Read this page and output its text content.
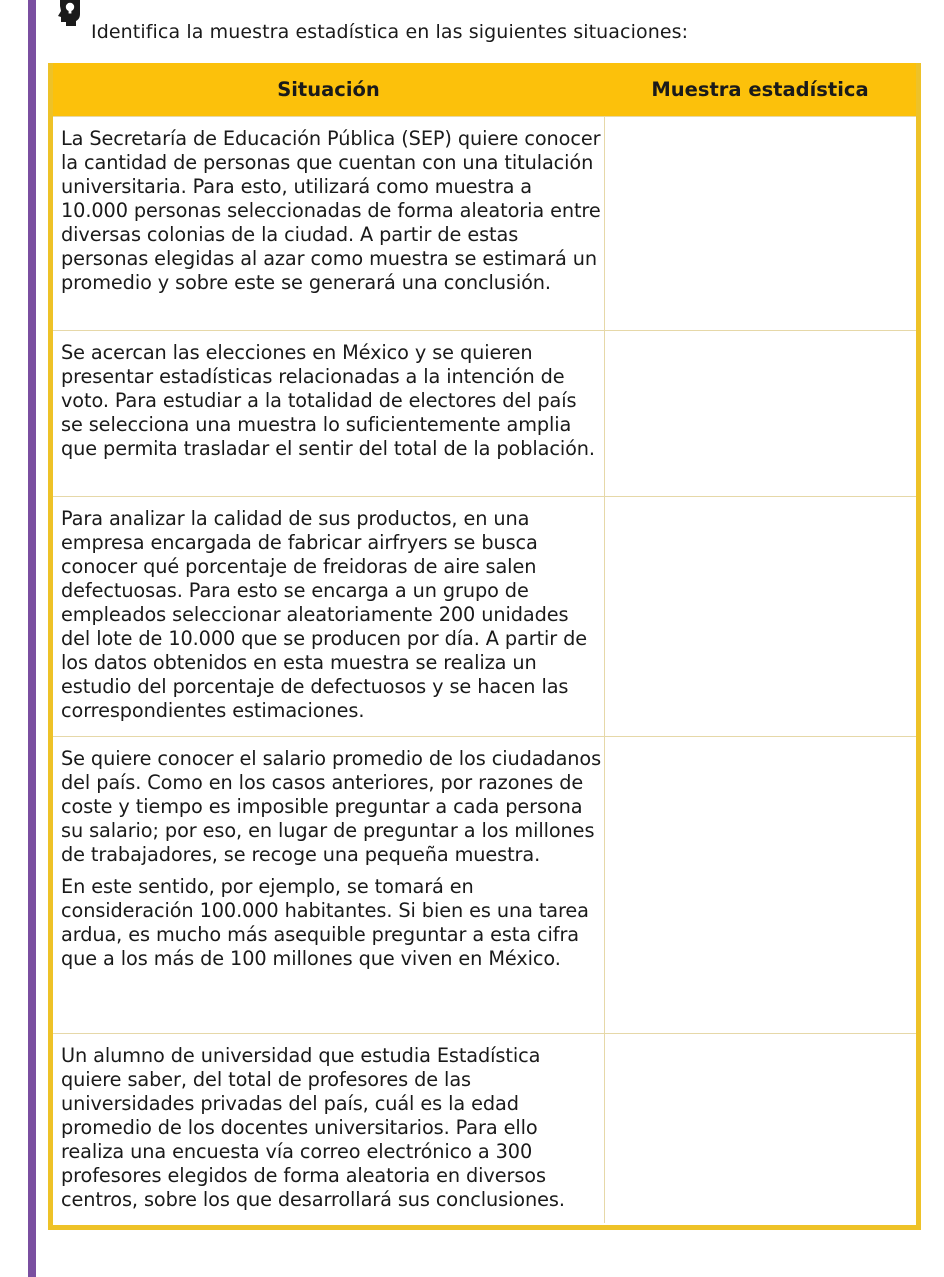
Identifica la muestra estadística en las siguientes situaciones:
Situación	Muestra estadística

La Secretaría de Educación Pública (SEP) quiere conocer la cantidad de personas que cuentan con una titulación universitaria. Para esto, utilizará como muestra a 10.000 personas seleccionadas de forma aleatoria entre diversas colonias de la ciudad. A partir de estas personas elegidas al azar como muestra se estimará un promedio y sobre este se generará una conclusión.	

Se acercan las elecciones en México y se quieren presentar estadísticas relacionadas a la intención de voto. Para estudiar a la totalidad de electores del país se selecciona una muestra lo suficientemente amplia que permita trasladar el sentir del total de la población.	

Para analizar la calidad de sus productos, en una empresa encargada de fabricar airfryers se busca conocer qué porcentaje de freidoras de aire salen defectuosas. Para esto se encarga a un grupo de empleados seleccionar aleatoriamente 200 unidades del lote de 10.000 que se producen por día. A partir de los datos obtenidos en esta muestra se realiza un estudio del porcentaje de defectuosos y se hacen las correspondientes estimaciones.	

Se quiere conocer el salario promedio de los ciudadanos del país. Como en los casos anteriores, por razones de coste y tiempo es imposible preguntar a cada persona su salario; por eso, en lugar de preguntar a los millones de trabajadores, se recoge una pequeña muestra.
En este sentido, por ejemplo, se tomará en consideración 100.000 habitantes. Si bien es una tarea ardua, es mucho más asequible preguntar a esta cifra que a los más de 100 millones que viven en México.	

Un alumno de universidad que estudia Estadística quiere saber, del total de profesores de las universidades privadas del país, cuál es la edad promedio de los docentes universitarios. Para ello realiza una encuesta vía correo electrónico a 300 profesores elegidos de forma aleatoria en diversos centros, sobre los que desarrollará sus conclusiones.	
